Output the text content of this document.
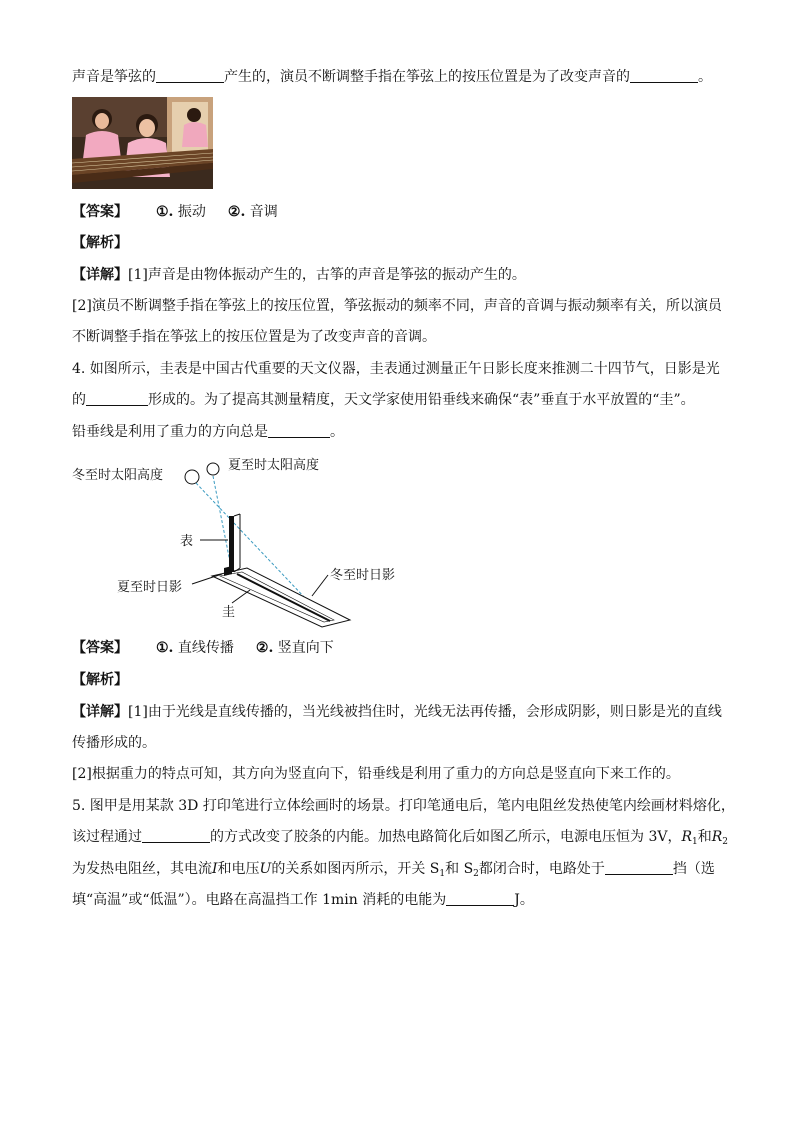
声音是筝弦的	产生的，演员不断调整手指在筝弦上的按压位置是为了改变声音的	。
【答案】 ①. 振动 ②. 音调
【解析】
【详解】[1]声音是由物体振动产生的，古筝的声音是筝弦的振动产生的。
[2]演员不断调整手指在筝弦上的按压位置，筝弦振动的频率不同，声音的音调与振动频率有关，所以演员
不断调整手指在筝弦上的按压位置是为了改变声音的音调。
4. 如图所示，圭表是中国古代重要的天文仪器，圭表通过测量正午日影长度来推测二十四节气，日影是光
的	形成的。为了提高其测量精度，天文学家使用铅垂线来确保“表”垂直于水平放置的“圭”。
铅垂线是利用了重力的方向总是	。
冬至时太阳高度
夏至时太阳高度
表
夏至时日影
冬至时日影
圭
【答案】 ①. 直线传播 ②. 竖直向下
【解析】
【详解】[1]由于光线是直线传播的，当光线被挡住时，光线无法再传播，会形成阴影，则日影是光的直线
传播形成的。
[2]根据重力的特点可知，其方向为竖直向下，铅垂线是利用了重力的方向总是竖直向下来工作的。
5. 图甲是用某款 3D 打印笔进行立体绘画时的场景。打印笔通电后，笔内电阻丝发热使笔内绘画材料熔化，
该过程通过	的方式改变了胶条的内能。加热电路简化后如图乙所示，电源电压恒为 3V，$R_1$和$R_2$
为发热电阻丝，其电流I和电压U的关系如图丙所示，开关 $S_1$和 $S_2$都闭合时，电路处于	挡（选
填“高温”或“低温”）。电路在高温挡工作 1min 消耗的电能为	J。
